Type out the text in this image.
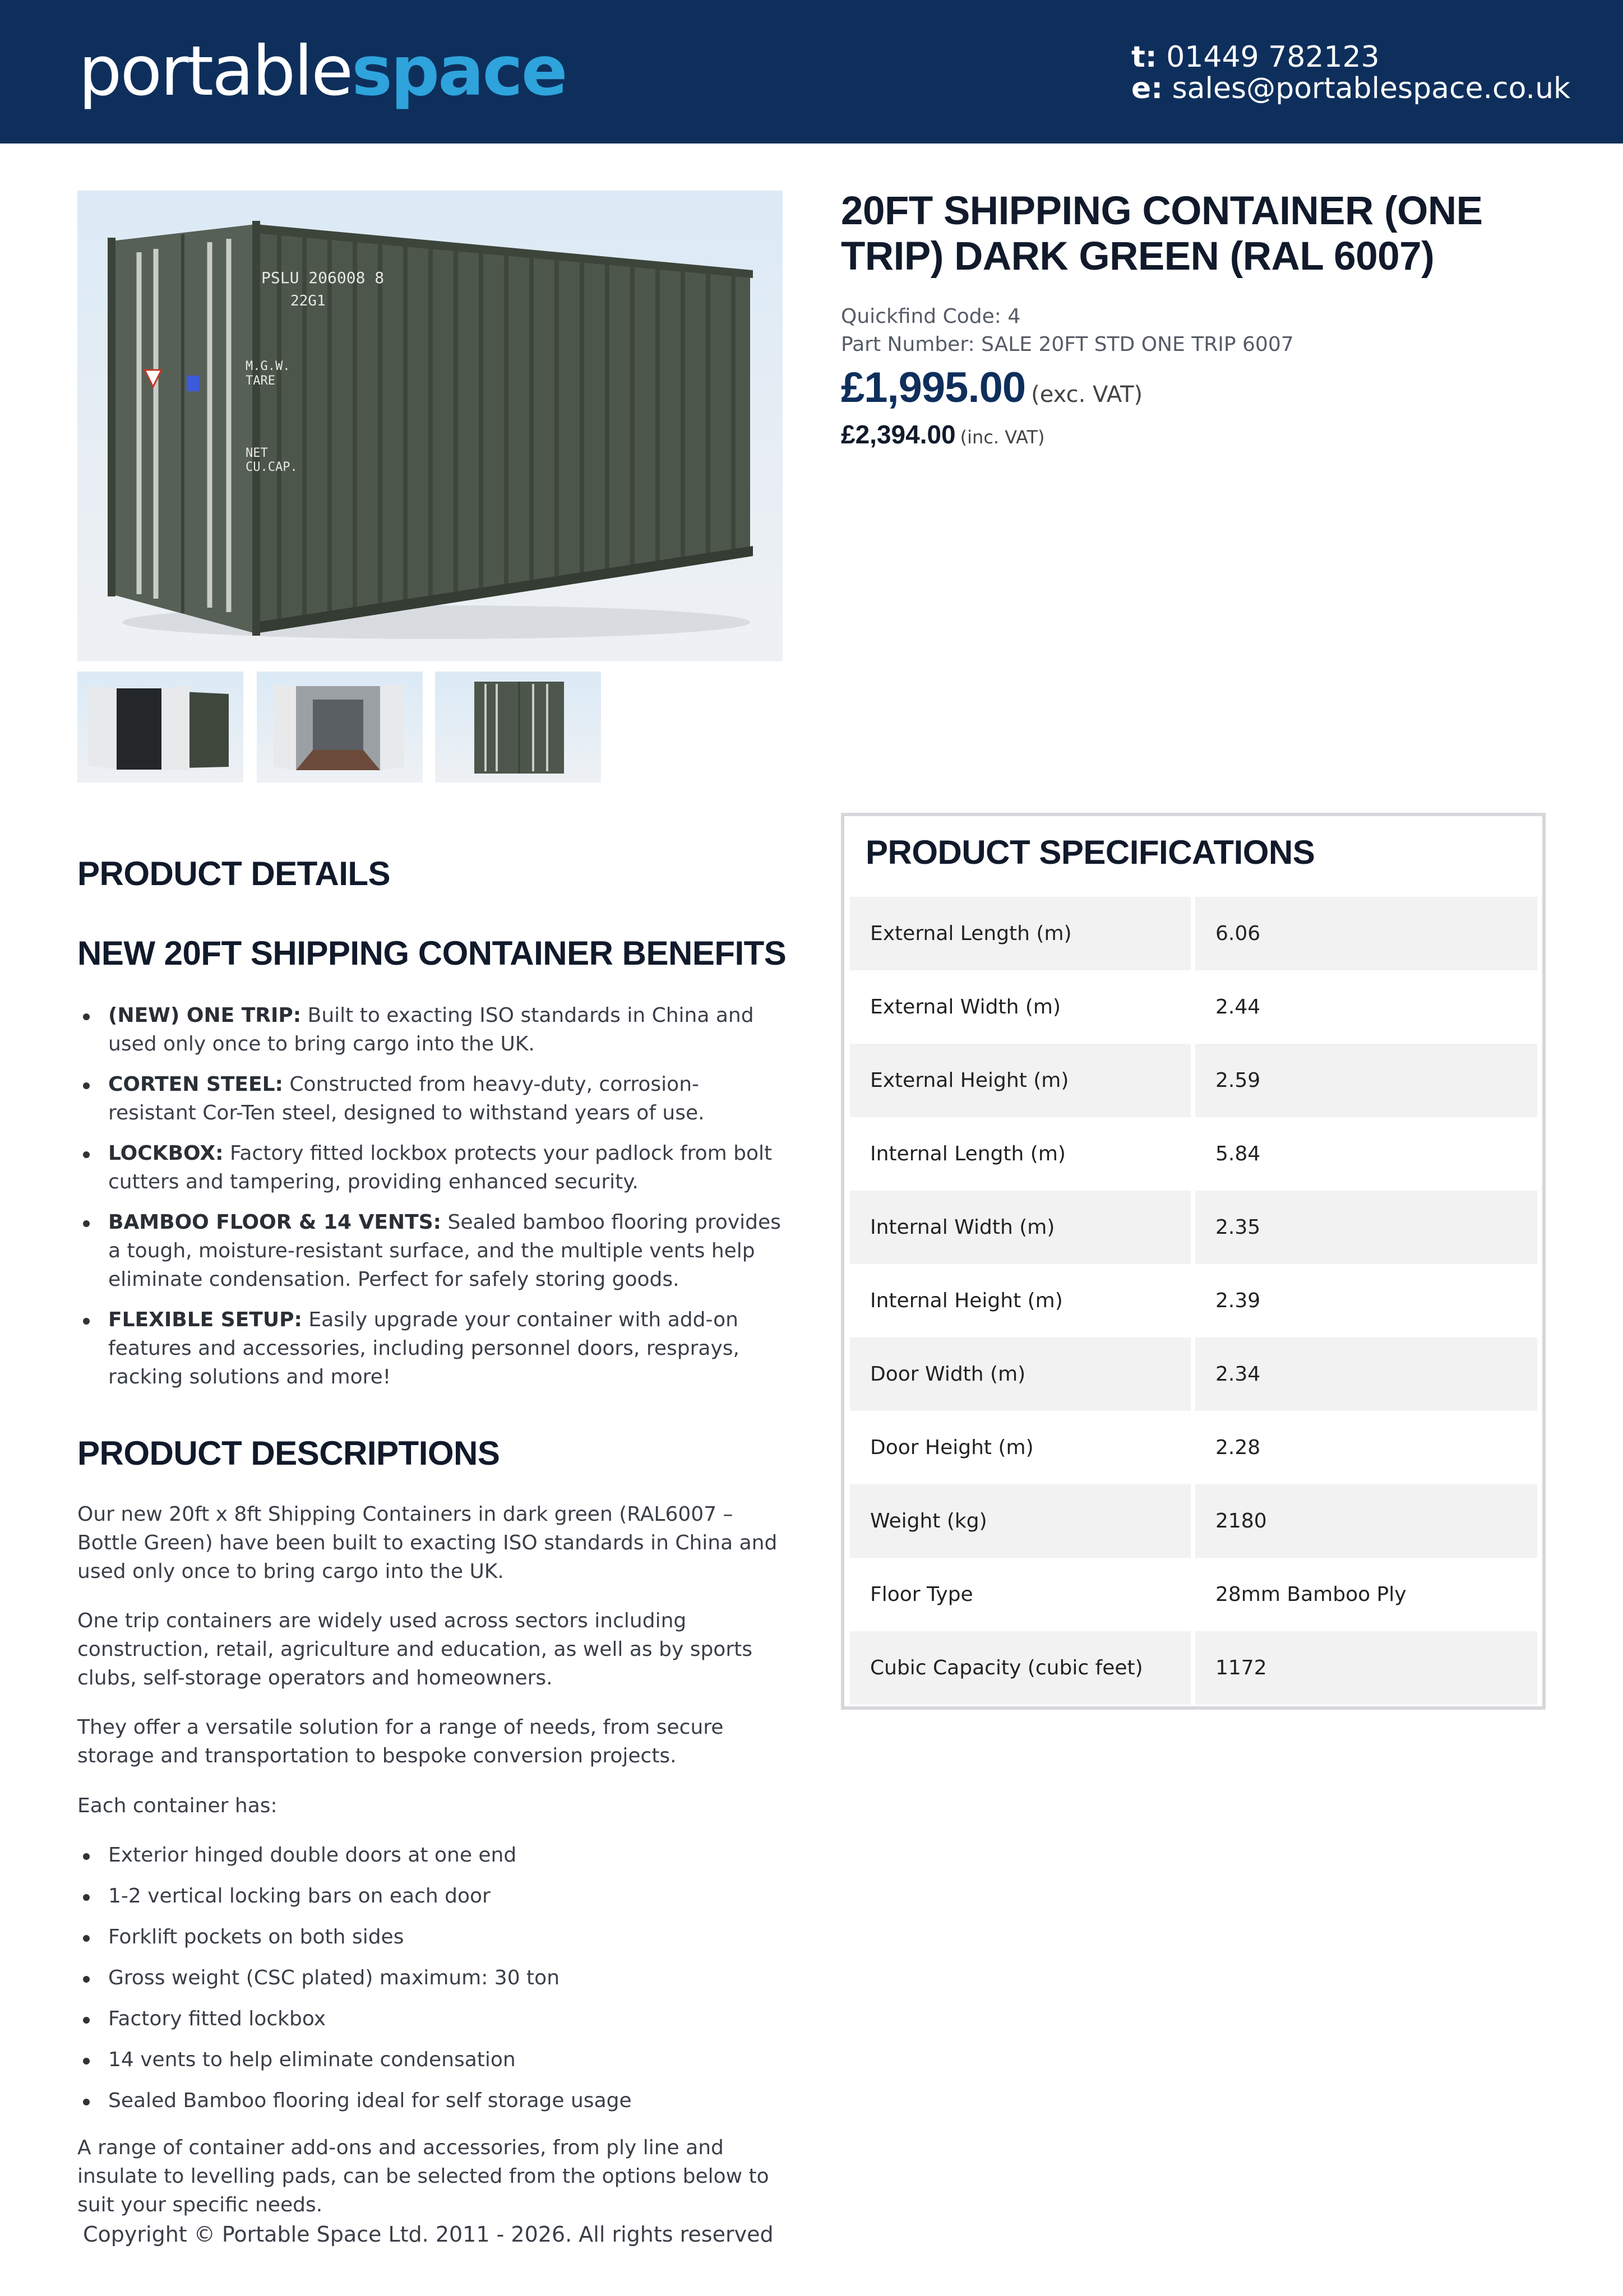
portablespace	t: 01449 782123
e: sales@portablespace.co.uk
PSLU 206008 8
22G1
M.G.W.
TARE
NET
CU.CAP.
20FT SHIPPING CONTAINER (ONE TRIP) DARK GREEN (RAL 6007)
Quickfind Code: 4
Part Number: SALE 20FT STD ONE TRIP 6007
£1,995.00 (exc. VAT)
£2,394.00 (inc. VAT)
PRODUCT DETAILS
NEW 20FT SHIPPING CONTAINER BENEFITS
(NEW) ONE TRIP: Built to exacting ISO standards in China and used only once to bring cargo into the UK.
CORTEN STEEL: Constructed from heavy-duty, corrosion-resistant Cor-Ten steel, designed to withstand years of use.
LOCKBOX: Factory fitted lockbox protects your padlock from bolt cutters and tampering, providing enhanced security.
BAMBOO FLOOR & 14 VENTS: Sealed bamboo flooring provides a tough, moisture-resistant surface, and the multiple vents help eliminate condensation. Perfect for safely storing goods.
FLEXIBLE SETUP: Easily upgrade your container with add-on features and accessories, including personnel doors, resprays, racking solutions and more!
PRODUCT DESCRIPTIONS
Our new 20ft x 8ft Shipping Containers in dark green (RAL6007 – Bottle Green) have been built to exacting ISO standards in China and used only once to bring cargo into the UK.
One trip containers are widely used across sectors including construction, retail, agriculture and education, as well as by sports clubs, self-storage operators and homeowners.
They offer a versatile solution for a range of needs, from secure storage and transportation to bespoke conversion projects.
Each container has:
Exterior hinged double doors at one end
1-2 vertical locking bars on each door
Forklift pockets on both sides
Gross weight (CSC plated) maximum: 30 ton
Factory fitted lockbox
14 vents to help eliminate condensation
Sealed Bamboo flooring ideal for self storage usage
A range of container add-ons and accessories, from ply line and insulate to levelling pads, can be selected from the options below to suit your specific needs.
Copyright © Portable Space Ltd. 2011 - 2026. All rights reserved
PRODUCT SPECIFICATIONS
External Length (m)	6.06
External Width (m)	2.44
External Height (m)	2.59
Internal Length (m)	5.84
Internal Width (m)	2.35
Internal Height (m)	2.39
Door Width (m)	2.34
Door Height (m)	2.28
Weight (kg)	2180
Floor Type	28mm Bamboo Ply
Cubic Capacity (cubic feet)	1172
